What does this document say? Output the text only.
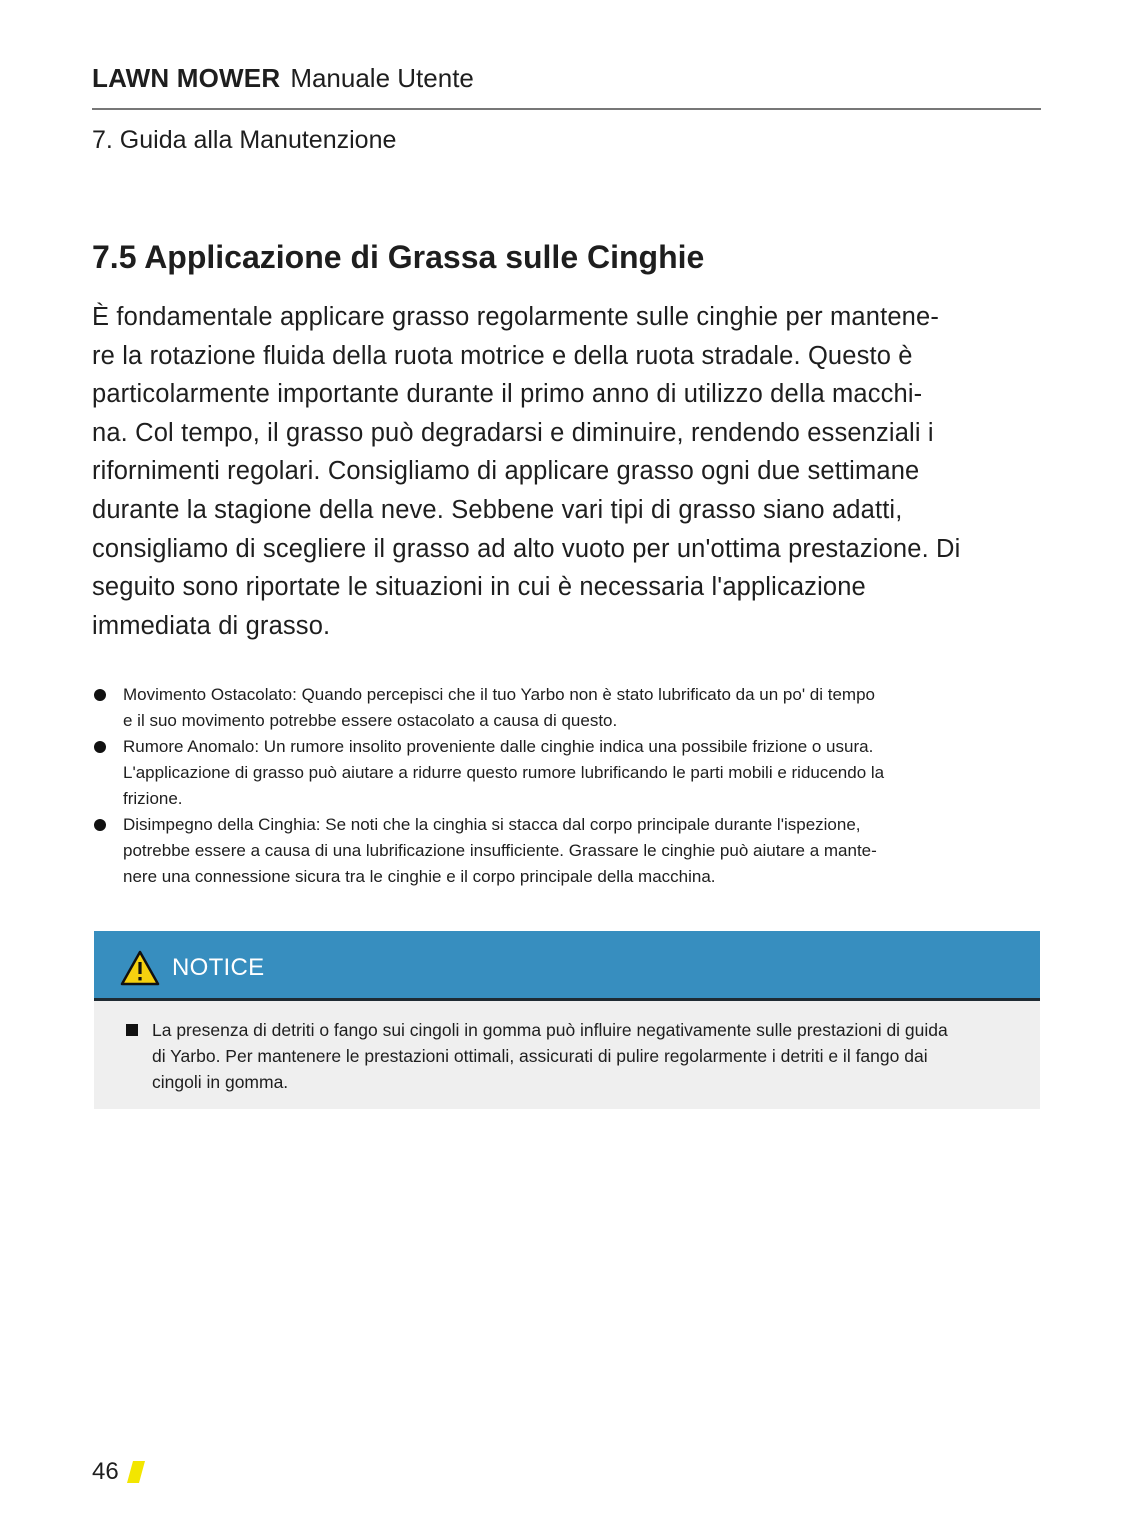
LAWN MOWER Manuale Utente
7. Guida alla Manutenzione
7.5 Applicazione di Grassa sulle Cinghie
È fondamentale applicare grasso regolarmente sulle cinghie per mantene-
re la rotazione fluida della ruota motrice e della ruota stradale. Questo è
particolarmente importante durante il primo anno di utilizzo della macchi-
na. Col tempo, il grasso può degradarsi e diminuire, rendendo essenziali i
rifornimenti regolari. Consigliamo di applicare grasso ogni due settimane
durante la stagione della neve. Sebbene vari tipi di grasso siano adatti,
consigliamo di scegliere il grasso ad alto vuoto per un'ottima prestazione. Di
seguito sono riportate le situazioni in cui è necessaria l'applicazione
immediata di grasso.
Movimento Ostacolato: Quando percepisci che il tuo Yarbo non è stato lubrificato da un po' di tempo
e il suo movimento potrebbe essere ostacolato a causa di questo.
Rumore Anomalo: Un rumore insolito proveniente dalle cinghie indica una possibile frizione o usura.
L'applicazione di grasso può aiutare a ridurre questo rumore lubrificando le parti mobili e riducendo la
frizione.
Disimpegno della Cinghia: Se noti che la cinghia si stacca dal corpo principale durante l'ispezione,
potrebbe essere a causa di una lubrificazione insufficiente. Grassare le cinghie può aiutare a mante-
nere una connessione sicura tra le cinghie e il corpo principale della macchina.
NOTICE
La presenza di detriti o fango sui cingoli in gomma può influire negativamente sulle prestazioni di guida
di Yarbo. Per mantenere le prestazioni ottimali, assicurati di pulire regolarmente i detriti e il fango dai
cingoli in gomma.
46
